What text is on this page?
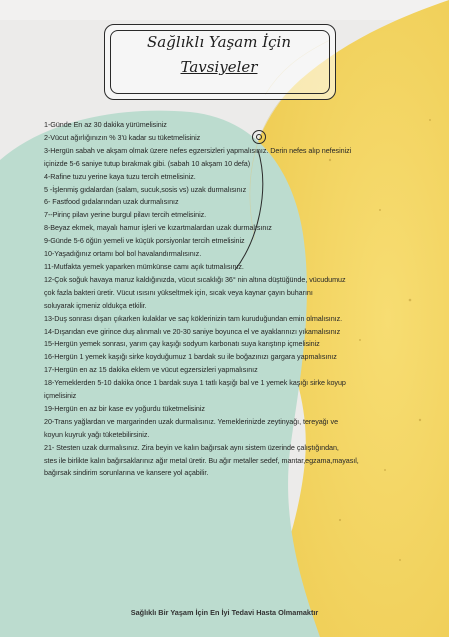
Sağlıklı Yaşam İçin
Tavsiyeler
1-Günde En az 30 dakika yürümelisiniz
2-Vücut ağırlığınızın % 3'ü kadar su tüketmelisiniz
3-Hergün sabah ve akşam olmak üzere nefes egzersizleri yapmalısınız. Derin nefes alıp nefesinizi
içinizde 5-6 saniye tutup bırakmak gibi. (sabah 10 akşam 10 defa)
4-Rafine tuzu yerine kaya tuzu tercih etmelisiniz.
5 -İşlenmiş gıdalardan (salam, sucuk,sosis vs) uzak durmalısınız
6- Fastfood gıdalarından uzak durmalısınız
7--Pirinç pilavı yerine burgul pilavı tercih etmelisiniz.
8-Beyaz ekmek, mayalı hamur işleri ve kızartmalardan uzak durmalısınız
9-Günde 5-6 öğün yemeli ve küçük porsiyonlar tercih etmelisiniz
10-Yaşadığınız ortamı bol bol havalandırmalısınız.
11-Mutfakta yemek yaparken mümkünse camı açık tutmalısınız.
12-Çok soğuk havaya maruz kaldığınızda, vücut sıcaklığı 36° nin altına düştüğünde, vücudumuz
çok fazla bakteri üretir. Vücut ısısını yükseltmek için, sıcak veya kaynar çayın buharını
soluyarak içmeniz oldukça etkilir.
13-Duş sonrası dışarı çıkarken kulaklar ve saç köklerinizin tam kuruduğundan emin olmalısınız.
14-Dışarıdan eve girince duş alınmalı ve 20-30 saniye boyunca el ve ayaklarınızı yıkamalısınız
15-Hergün yemek sonrası, yarım çay kaşığı sodyum karbonatı suya karıştırıp içmelisiniz
16-Hergün 1 yemek kaşığı sirke koyduğumuz 1 bardak su ile boğazınızı gargara yapmalısınız
17-Hergün en az 15 dakika eklem ve vücut egzersizleri yapmalısınız
18-Yemeklerden 5-10 dakika önce 1 bardak suya 1 tatlı kaşığı bal ve 1 yemek kaşığı sirke koyup
içmelisiniz
19-Hergün en az bir kase ev yoğurdu tüketmelisiniz
20-Trans yağlardan ve margarinden uzak durmalısınız. Yemeklerinizde zeytinyağı, tereyağı ve
koyun kuyruk yağı tüketebilirsiniz.
21- Stesten uzak durmalısınız. Zira beyin ve kalın bağırsak aynı sistem üzerinde çalıştığından,
stes ile birlikte kalın bağırsaklarınız ağır metal üretir. Bu ağır metaller sedef, mantar,egzama,mayasıl,
bağırsak sindirim sorunlarına ve kansere yol açabilir.
Sağlıklı Bir Yaşam İçin En İyi Tedavi Hasta Olmamaktır
